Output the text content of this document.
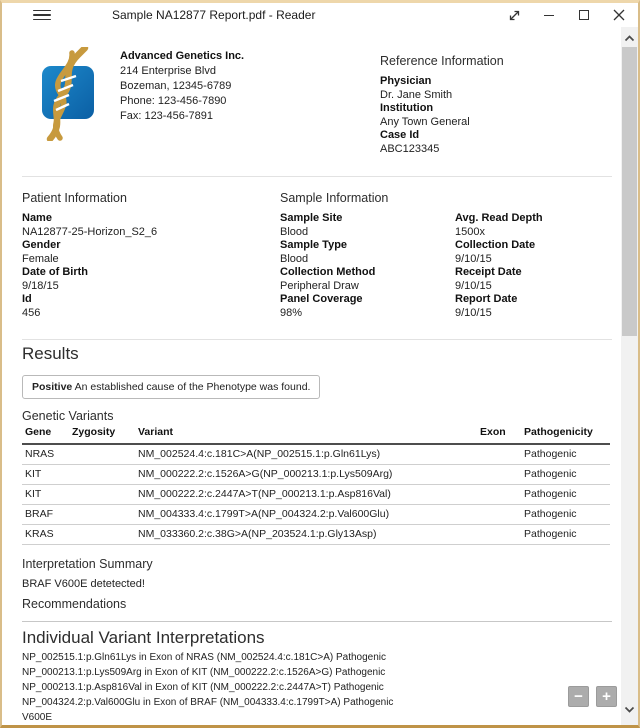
Sample NA12877 Report.pdf - Reader
Advanced Genetics Inc.
214 Enterprise Blvd
Bozeman, 12345-6789
Phone: 123-456-7890
Fax: 123-456-7891
Reference Information
Physician
Dr. Jane Smith
Institution
Any Town General
Case Id
ABC123345
Patient Information
Name
NA12877-25-Horizon_S2_6
Gender
Female
Date of Birth
9/18/15
Id
456
Sample Information
Sample Site
Blood
Sample Type
Blood
Collection Method
Peripheral Draw
Panel Coverage
98%
Avg. Read Depth
1500x
Collection Date
9/10/15
Receipt Date
9/10/15
Report Date
9/10/15
Results
Positive An established cause of the Phenotype was found.
Genetic Variants
Gene	Zygosity	Variant	Exon	Pathogenicity
NRAS		NM_002524.4:c.181C>A(NP_002515.1:p.Gln61Lys)		Pathogenic
KIT		NM_000222.2:c.1526A>G(NP_000213.1:p.Lys509Arg)		Pathogenic
KIT		NM_000222.2:c.2447A>T(NP_000213.1:p.Asp816Val)		Pathogenic
BRAF		NM_004333.4:c.1799T>A(NP_004324.2:p.Val600Glu)		Pathogenic
KRAS		NM_033360.2:c.38G>A(NP_203524.1:p.Gly13Asp)		Pathogenic
Interpretation Summary
BRAF V600E detetected!
Recommendations
Individual Variant Interpretations
NP_002515.1:p.Gln61Lys in Exon of NRAS (NM_002524.4:c.181C>A) Pathogenic
NP_000213.1:p.Lys509Arg in Exon of KIT (NM_000222.2:c.1526A>G) Pathogenic
NP_000213.1:p.Asp816Val in Exon of KIT (NM_000222.2:c.2447A>T) Pathogenic
NP_004324.2:p.Val600Glu in Exon of BRAF (NM_004333.4:c.1799T>A) Pathogenic
V600E
−	+
